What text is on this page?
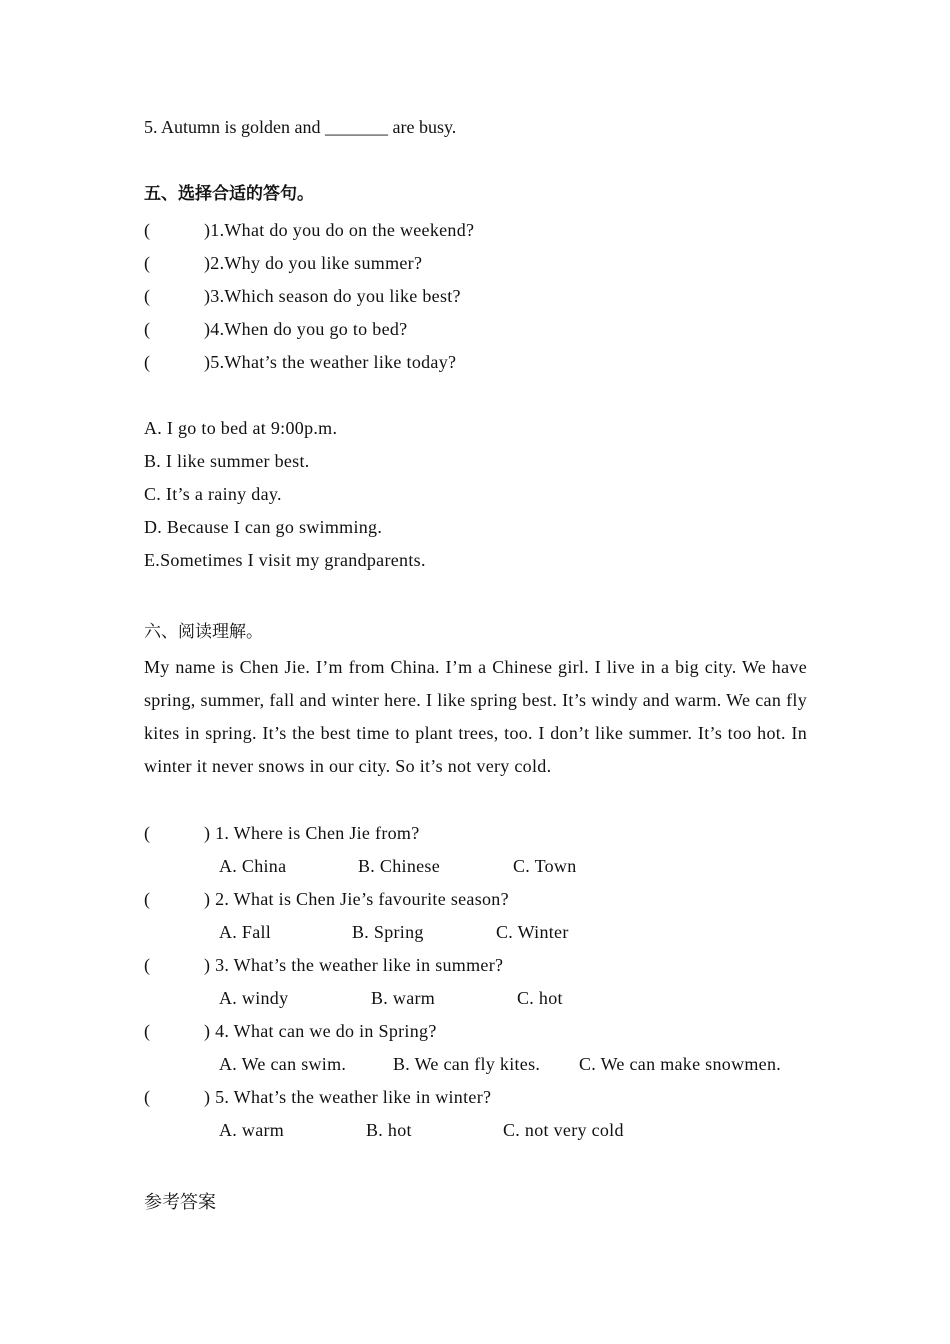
5. Autumn is golden and _______ are busy.
五、选择合适的答句。
(	)1.What do you do on the weekend?
(	)2.Why do you like summer?
(	)3.Which season do you like best?
(	)4.When do you go to bed?
(	)5.What’s the weather like today?
A. I go to bed at 9:00p.m.
B. I like summer best.
C. It’s a rainy day.
D. Because I can go swimming.
E.Sometimes I visit my grandparents.
六、阅读理解。
My name is Chen Jie. I’m from China. I’m a Chinese girl. I live in a big city. We have spring, summer, fall and winter here. I like spring best. It’s windy and warm. We can fly kites in spring. It’s the best time to plant trees, too. I don’t like summer. It’s too hot. In winter it never snows in our city. So it’s not very cold.
(	) 1. Where is Chen Jie from?
A. China	B. Chinese	C. Town
(	) 2. What is Chen Jie’s favourite season?
A. Fall	B. Spring	C. Winter
(	) 3. What’s the weather like in summer?
A. windy	B. warm	C. hot
(	) 4. What can we do in Spring?
A. We can swim.	B. We can fly kites. C. We can make snowmen.
(	) 5. What’s the weather like in winter?
A. warm	B. hot	C. not very cold
参考答案
